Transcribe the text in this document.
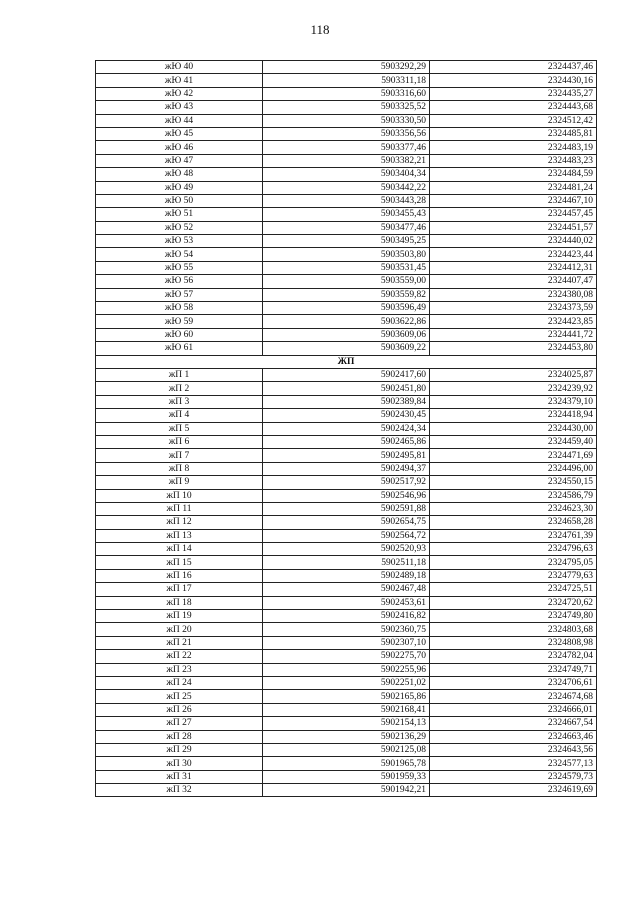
118
жЮ 40	5903292,29	2324437,46
жЮ 41	5903311,18	2324430,16
жЮ 42	5903316,60	2324435,27
жЮ 43	5903325,52	2324443,68
жЮ 44	5903330,50	2324512,42
жЮ 45	5903356,56	2324485,81
жЮ 46	5903377,46	2324483,19
жЮ 47	5903382,21	2324483,23
жЮ 48	5903404,34	2324484,59
жЮ 49	5903442,22	2324481,24
жЮ 50	5903443,28	2324467,10
жЮ 51	5903455,43	2324457,45
жЮ 52	5903477,46	2324451,57
жЮ 53	5903495,25	2324440,02
жЮ 54	5903503,80	2324423,44
жЮ 55	5903531,45	2324412,31
жЮ 56	5903559,00	2324407,47
жЮ 57	5903559,82	2324380,08
жЮ 58	5903596,49	2324373,59
жЮ 59	5903622,86	2324423,85
жЮ 60	5903609,06	2324441,72
жЮ 61	5903609,22	2324453,80
ЖП		
жП 1	5902417,60	2324025,87
жП 2	5902451,80	2324239,92
жП 3	5902389,84	2324379,10
жП 4	5902430,45	2324418,94
жП 5	5902424,34	2324430,00
жП 6	5902465,86	2324459,40
жП 7	5902495,81	2324471,69
жП 8	5902494,37	2324496,00
жП 9	5902517,92	2324550,15
жП 10	5902546,96	2324586,79
жП 11	5902591,88	2324623,30
жП 12	5902654,75	2324658,28
жП 13	5902564,72	2324761,39
жП 14	5902520,93	2324796,63
жП 15	5902511,18	2324795,05
жП 16	5902489,18	2324779,63
жП 17	5902467,48	2324725,51
жП 18	5902453,61	2324720,62
жП 19	5902416,82	2324749,80
жП 20	5902360,75	2324803,68
жП 21	5902307,10	2324808,98
жП 22	5902275,70	2324782,04
жП 23	5902255,96	2324749,71
жП 24	5902251,02	2324706,61
жП 25	5902165,86	2324674,68
жП 26	5902168,41	2324666,01
жП 27	5902154,13	2324667,54
жП 28	5902136,29	2324663,46
жП 29	5902125,08	2324643,56
жП 30	5901965,78	2324577,13
жП 31	5901959,33	2324579,73
жП 32	5901942,21	2324619,69
